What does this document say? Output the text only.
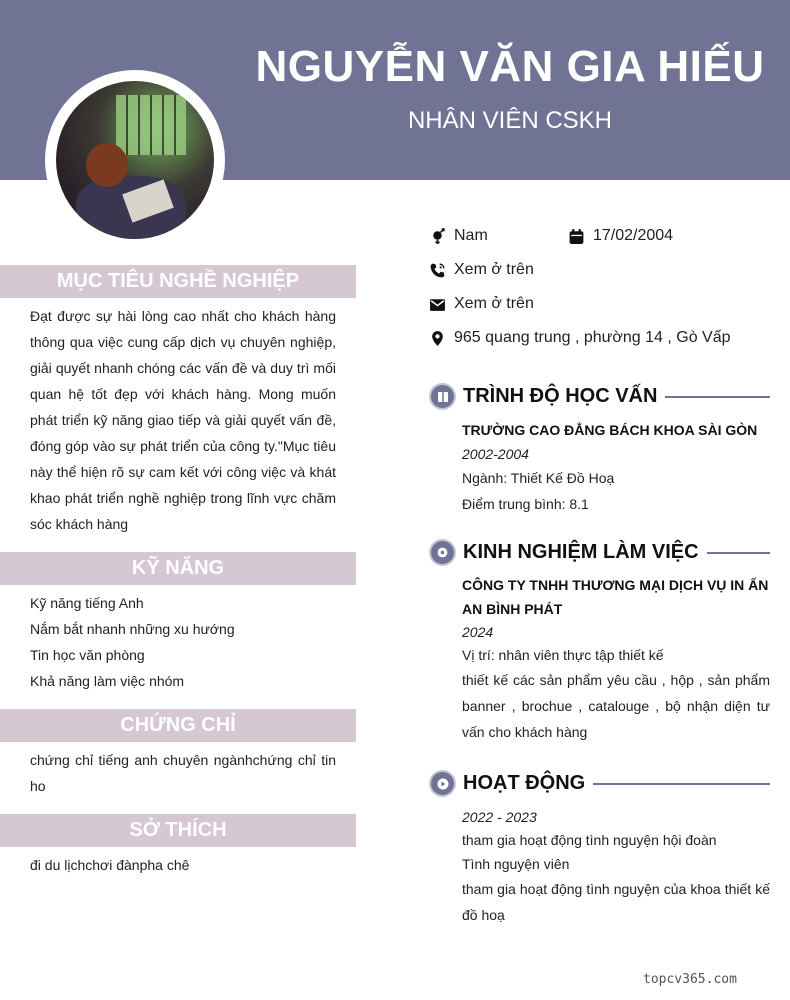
NGUYỄN VĂN GIA HIẾU
NHÂN VIÊN CSKH
MỤC TIÊU NGHỀ NGHIỆP
Đạt được sự hài lòng cao nhất cho khách hàng thông qua việc cung cấp dịch vụ chuyên nghiệp, giải quyết nhanh chóng các vấn đề và duy trì mối quan hệ tốt đẹp với khách hàng. Mong muốn phát triển kỹ năng giao tiếp và giải quyết vấn đề, đóng góp vào sự phát triển của công ty."Mục tiêu này thể hiện rõ sự cam kết với công việc và khát khao phát triển nghề nghiệp trong lĩnh vực chăm sóc khách hàng
KỸ NĂNG
Kỹ năng tiếng Anh
Nắm bắt nhanh những xu hướng
Tin học văn phòng
Khả năng làm việc nhóm
CHỨNG CHỈ
chứng chỉ tiếng anh chuyên ngànhchứng chỉ tin ho
SỞ THÍCH
đi du lịchchơi đànpha chê
Nam	17/02/2004
Xem ở trên
Xem ở trên
965 quang trung , phường 14 , Gò Vấp
TRÌNH ĐỘ HỌC VẤN
TRƯỜNG CAO ĐẲNG BÁCH KHOA SÀI GÒN
2002-2004
Ngành: Thiết Kế Đồ Hoạ
Điểm trung bình: 8.1
KINH NGHIỆM LÀM VIỆC
CÔNG TY TNHH THƯƠNG MẠI DỊCH VỤ IN ẤN AN BÌNH PHÁT
2024
Vị trí: nhân viên thực tập thiết kế
thiết kế các sản phẩm yêu cầu , hộp , sản phẩm banner , brochue , catalouge , bộ nhận diện tư vấn cho khách hàng
HOẠT ĐỘNG
2022 - 2023
tham gia hoạt động tình nguyện hội đoàn
Tình nguyện viên
tham gia hoạt động tình nguyện của khoa thiết kế đồ hoạ
topcv365.com
